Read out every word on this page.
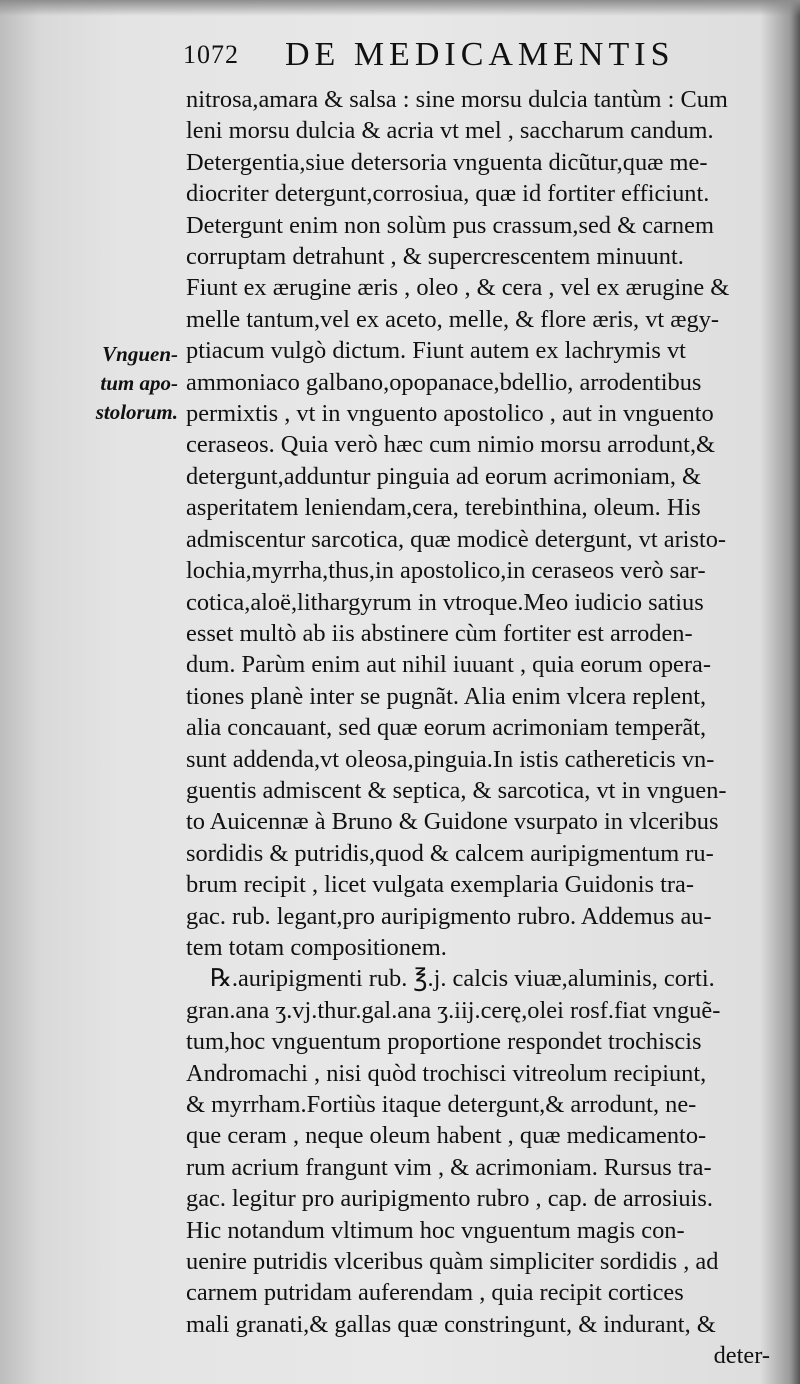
1072 DE MEDICAMENTIS
Vnguen-
tum apo-
stolorum.
nitrosa,amara & salsa : sine morsu dulcia tantùm : Cum
leni morsu dulcia & acria vt mel , saccharum candum.
Detergentia,siue detersoria vnguenta dicũtur,quæ me-
diocriter detergunt,corrosiua, quæ id fortiter efficiunt.
Detergunt enim non solùm pus crassum,sed & carnem
corruptam detrahunt , & supercrescentem minuunt.
Fiunt ex ærugine æris , oleo , & cera , vel ex ærugine &
melle tantum,vel ex aceto, melle, & flore æris, vt ægy-
ptiacum vulgò dictum. Fiunt autem ex lachrymis vt
ammoniaco galbano,opopanace,bdellio, arrodentibus
permixtis , vt in vnguento apostolico , aut in vnguento
ceraseos. Quia verò hæc cum nimio morsu arrodunt,&
detergunt,adduntur pinguia ad eorum acrimoniam, &
asperitatem leniendam,cera, terebinthina, oleum. His
admiscentur sarcotica, quæ modicè detergunt, vt aristo-
lochia,myrrha,thus,in apostolico,in ceraseos verò sar-
cotica,aloë,lithargyrum in vtroque.Meo iudicio satius
esset multò ab iis abstinere cùm fortiter est arroden-
dum. Parùm enim aut nihil iuuant , quia eorum opera-
tiones planè inter se pugnãt. Alia enim vlcera replent,
alia concauant, sed quæ eorum acrimoniam temperãt,
sunt addenda,vt oleosa,pinguia.In istis cathereticis vn-
guentis admiscent & septica, & sarcotica, vt in vnguen-
to Auicennæ à Bruno & Guidone vsurpato in vlceribus
sordidis & putridis,quod & calcem auripigmentum ru-
brum recipit , licet vulgata exemplaria Guidonis tra-
gac. rub. legant,pro auripigmento rubro. Addemus au-
tem totam compositionem.
℞.auripigmenti rub. ℥.j. calcis viuæ,aluminis, corti.
gran.ana ʒ.vj.thur.gal.ana ʒ.iij.cerę,olei rosf.fiat vnguẽ-
tum,hoc vnguentum proportione respondet trochiscis
Andromachi , nisi quòd trochisci vitreolum recipiunt,
& myrrham.Fortiùs itaque detergunt,& arrodunt, ne-
que ceram , neque oleum habent , quæ medicamento-
rum acrium frangunt vim , & acrimoniam. Rursus tra-
gac. legitur pro auripigmento rubro , cap. de arrosiuis.
Hic notandum vltimum hoc vnguentum magis con-
uenire putridis vlceribus quàm simpliciter sordidis , ad
carnem putridam auferendam , quia recipit cortices
mali granati,& gallas quæ constringunt, & indurant, &
deter-
